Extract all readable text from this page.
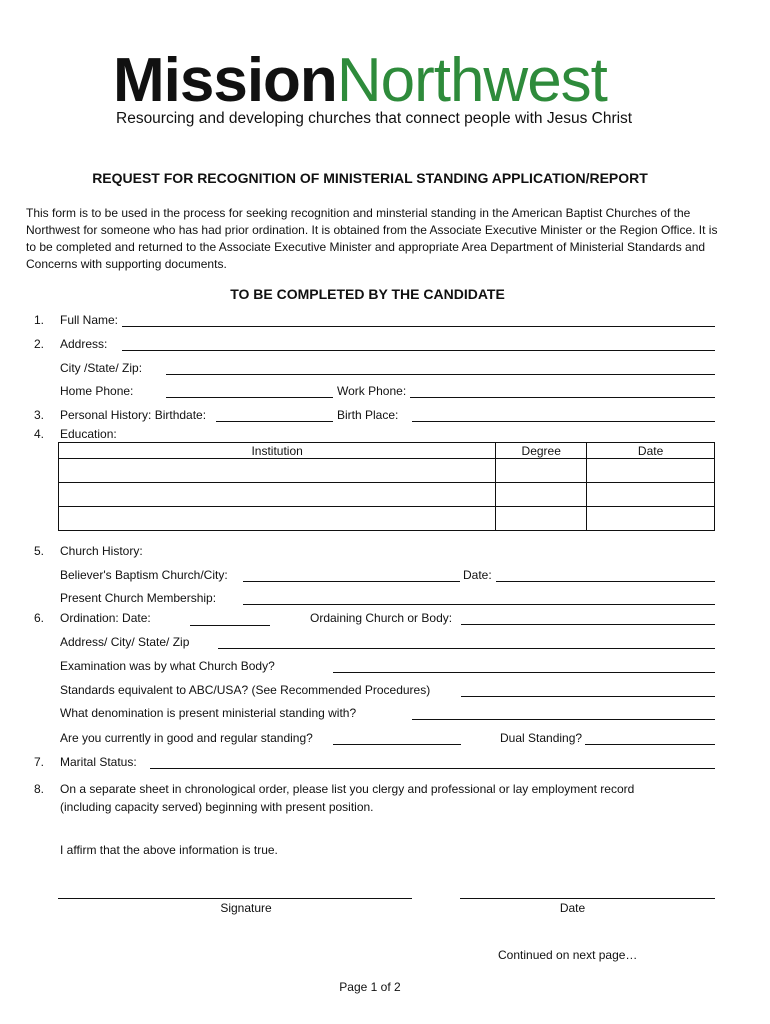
MissionNorthwest
Resourcing and developing churches that connect people with Jesus Christ
REQUEST FOR RECOGNITION OF MINISTERIAL STANDING APPLICATION/REPORT
This form is to be used in the process for seeking recognition and minsterial standing in the American Baptist Churches of the Northwest for someone who has had prior ordination. It is obtained from the Associate Executive Minister or the Region Office. It is to be completed and returned to the Associate Executive Minister and appropriate Area Department of Ministerial Standards and Concerns with supporting documents.
TO BE COMPLETED BY THE CANDIDATE
1.	Full Name:
2.	Address:
City /State/ Zip:
Home Phone:	Work Phone:
3.	Personal History: Birthdate:	Birth Place:
4.	Education:
Institution	Degree	Date

5.	Church History:
Believer's Baptism Church/City:	Date:
Present Church Membership:
6.	Ordination: Date:	Ordaining Church or Body:
Address/ City/ State/ Zip
Examination was by what Church Body?
Standards equivalent to ABC/USA? (See Recommended Procedures)
What denomination is present ministerial standing with?
Are you currently in good and regular standing?	Dual Standing?
7.	Marital Status:
8.	On a separate sheet in chronological order, please list you clergy and professional or lay employment record
(including capacity served) beginning with present position.
I affirm that the above information is true.
Signature	Date
Continued on next page…
Page 1 of 2
